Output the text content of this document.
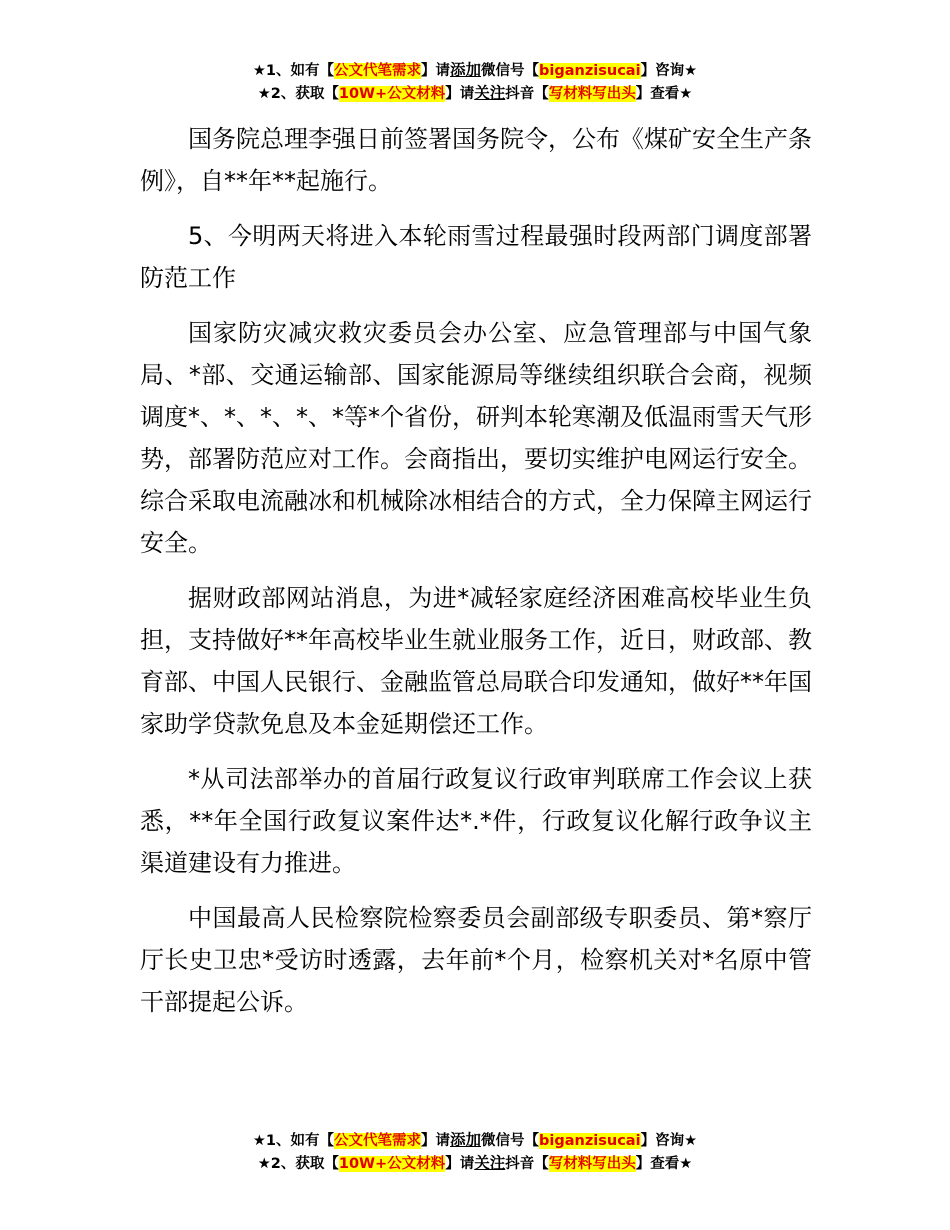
★1、如有【公文代笔需求】请添加微信号【biganzisucai】咨询★
★2、获取【10W+公文材料】请关注抖音【写材料写出头】查看★

国务院总理李强日前签署国务院令，公布《煤矿安全生产条例》，自**年**起施行。

5、今明两天将进入本轮雨雪过程最强时段两部门调度部署防范工作

国家防灾减灾救灾委员会办公室、应急管理部与中国气象局、*部、交通运输部、国家能源局等继续组织联合会商，视频调度*、*、*、*、*等*个省份，研判本轮寒潮及低温雨雪天气形势，部署防范应对工作。会商指出，要切实维护电网运行安全。综合采取电流融冰和机械除冰相结合的方式，全力保障主网运行安全。

据财政部网站消息，为进*减轻家庭经济困难高校毕业生负担，支持做好**年高校毕业生就业服务工作，近日，财政部、教育部、中国人民银行、金融监管总局联合印发通知，做好**年国家助学贷款免息及本金延期偿还工作。

*从司法部举办的首届行政复议行政审判联席工作会议上获悉，**年全国行政复议案件达*.*件，行政复议化解行政争议主渠道建设有力推进。

中国最高人民检察院检察委员会副部级专职委员、第*察厅厅长史卫忠*受访时透露，去年前*个月，检察机关对*名原中管干部提起公诉。

★1、如有【公文代笔需求】请添加微信号【biganzisucai】咨询★
★2、获取【10W+公文材料】请关注抖音【写材料写出头】查看★
